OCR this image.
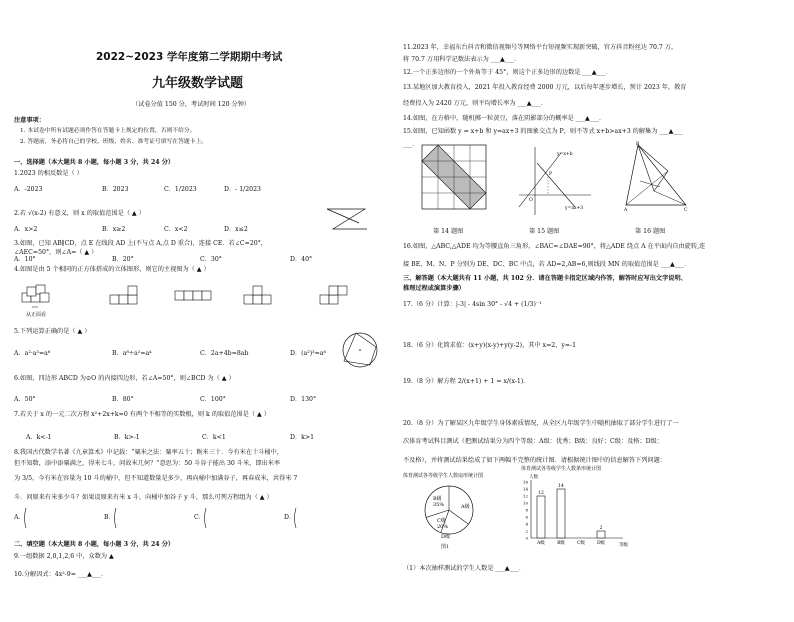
2022~2023 学年度第二学期期中考试
九年级数学试题
（试卷分值 150 分，考试时间 120 分钟）
注意事项：
1. 本试卷中所有试题必须作答在答题卡上规定的位置，否则不给分。
2. 答题前，务必将自己的学校、班级、姓名、准考证号填写在答题卡上。
一、选择题（本大题共 8 小题，每小题 3 分，共 24 分）
1.2023 的相反数是（ ）
A．-2023	B．2023	C．1/2023	D．- 1/2023
2.若 √(x-2) 有意义，则 x 的取值范围是（ ▲ ）
A．x>2	B．x≥2	C．x<2	D．x≤2
3.如图，已知 AB∥CD，点 E 在线段 AD 上(不与点 A,点 D 重合)，连接 CE．若∠C=20°，
∠AEC=50°，则∠A=（ ▲ ）
A．10°	B．20°	C．30°	D．40°
4.如图是由 5 个相同的正方体搭成的立体图形，则它的主视图为（ ▲ ）
从正面看
5.下列运算正确的是（ ▲ ）
A．a²·a³=a⁶	B．a⁸÷a²=a⁴	C．2a+4b=8ab	D．(a²)³=a⁶
6.如图，四边形 ABCD 为⊙O 的内接四边形，若∠A=50°，则∠BCD 为（ ▲ ）
A．50°	B．80°	C．100°	D．130°
7.若关于 x 的一元二次方程 x²+2x+k=0 有两个不相等的实数根，则 k 的取值范围是（ ▲ ）
A．k<-1	B．k>-1	C．k<1	D．k>1
8.我国古代数学名著《九章算术》中记载：“粟米之法：粟率五十；粝米三十．今有米在十斗桶中，
但不知数，添中添粟满之，得米七斗，问故米几何？”意思为：50 斗谷子能出 30 斗米，即出米率
为 3/5，今有米在容量为 10 斗的桶中，但不知道数量是多少，再向桶中加满谷子，再春成米，共得米 7
斗．问原来有米多少斗？如果设原来有米 x 斗，向桶中加谷子 y 斗，那么可列方程组为（ ▲ ）
A．	B．	C．	D．
二、填空题（本大题共 8 小题，每小题 3 分，共 24 分）
9.一组数据 2,0,1,2,6 中，众数为 ▲
10.分解因式：4x²-9= ___▲___．
11.2023 年，幸福东台抖音和微信视频号等网络平台短视频实现新突破，官方抖音粉丝达 70.7 万，
将 70.7 万用科学记数法表示为 ___▲___．
12.一个正多边形的一个外角等于 45°，则这个正多边形的边数是 ___▲___．
13.某地区加大教育投入，2021 年投入教育经费 2000 万元，以后每年逐步增长，预计 2023 年，教育
经费投入为 2420 万元，则平均增长率为 ___▲___．
14.如图，在方格中，随机掷一粒黄豆，落在阴影部分的概率是 ___▲___．
15.如图，已知函数 y = x+b 和 y=ax+3 的图象交点为 P，则不等式 x+b>ax+3 的解集为 ___▲___
___．
y=x+b
y=ax+3
P
O
A	C
B
第 14 题图	第 15 题图	第 16 题图
16.如图，△ABC,△ADE 均为等腰直角三角形，∠BAC=∠DAE=90°，将△ADE 绕点 A 在平面内自由旋转,连
接 BE，M、N、P 分别为 DE、DC、BC 中点，若 AD=2,AB=6,则线段 MN 的取值范围是 ___▲___．
三、解答题（本大题共有 11 小题，共 102 分．请在答题卡指定区域内作答，解答时应写出文字说明、
推理过程或演算步骤）
17.（6 分）计算：|-3| - 4sin 30° - √4 + (1/3)⁻¹
18.（6 分）化简求值：(x+y)(x-y)+y(y-2)，其中 x=2，y=-1
19.（8 分）解方程 2/(x+1) + 1 = x/(x-1)．
20.（8 分）为了解某区九年级学生身体素质情况，从全区九年级学生中随机抽取了部分学生进行了一
次体育考试科目测试（把测试结果分为四个等级：A级：优秀；B级：良好；C级：及格；D级：
不及格），并将测试结果绘成了如下两幅不完整的统计图．请根据统计图中的信息解答下列问题：
体育测试各等级学生人数扇形统计图
体育测试各等级学生人数条形统计图
B级
35%	A级
C级
20%
D级
图1
人数
等级
0
2
4
6
8
10
12
14
16
12
A级
14
B级	C级
2
D级
（1）本次抽样测试的学生人数是 ___▲___．
